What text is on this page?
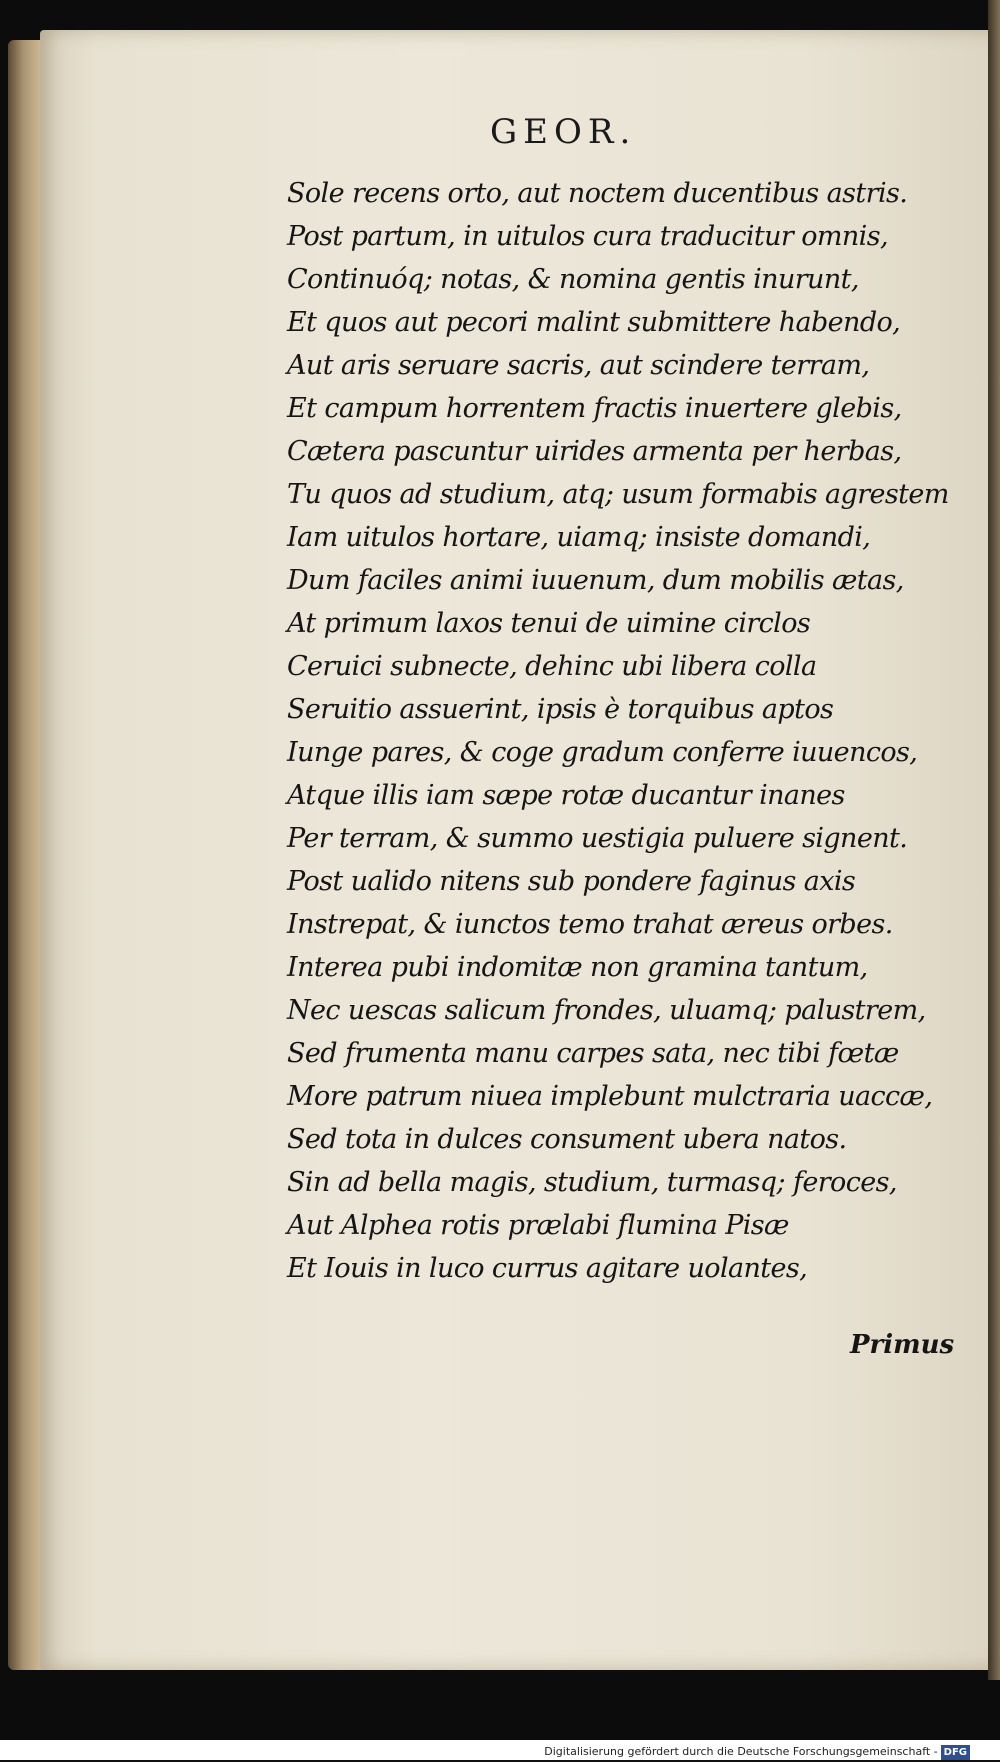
GEOR.
Sole recens orto, aut noctem ducentibus astris.
Post partum, in uitulos cura traducitur omnis,
Continuóq; notas, & nomina gentis inurunt,
Et quos aut pecori malint submittere habendo,
Aut aris seruare sacris, aut scindere terram,
Et campum horrentem fractis inuertere glebis,
Cætera pascuntur uirides armenta per herbas,
Tu quos ad studium, atq; usum formabis agrestem
Iam uitulos hortare, uiamq; insiste domandi,
Dum faciles animi iuuenum, dum mobilis ætas,
At primum laxos tenui de uimine circlos
Ceruici subnecte, dehinc ubi libera colla
Seruitio assuerint, ipsis è torquibus aptos
Iunge pares, & coge gradum conferre iuuencos,
Atque illis iam sæpe rotæ ducantur inanes
Per terram, & summo uestigia puluere signent.
Post ualido nitens sub pondere faginus axis
Instrepat, & iunctos temo trahat æreus orbes.
Interea pubi indomitæ non gramina tantum,
Nec uescas salicum frondes, uluamq; palustrem,
Sed frumenta manu carpes sata, nec tibi fœtæ
More patrum niuea implebunt mulctraria uaccæ,
Sed tota in dulces consument ubera natos.
Sin ad bella magis, studium, turmasq; feroces,
Aut Alphea rotis prælabi flumina Pisæ
Et Iouis in luco currus agitare uolantes,
Primus
Digitalisierung gefördert durch die Deutsche Forschungsgemeinschaft - DFG
